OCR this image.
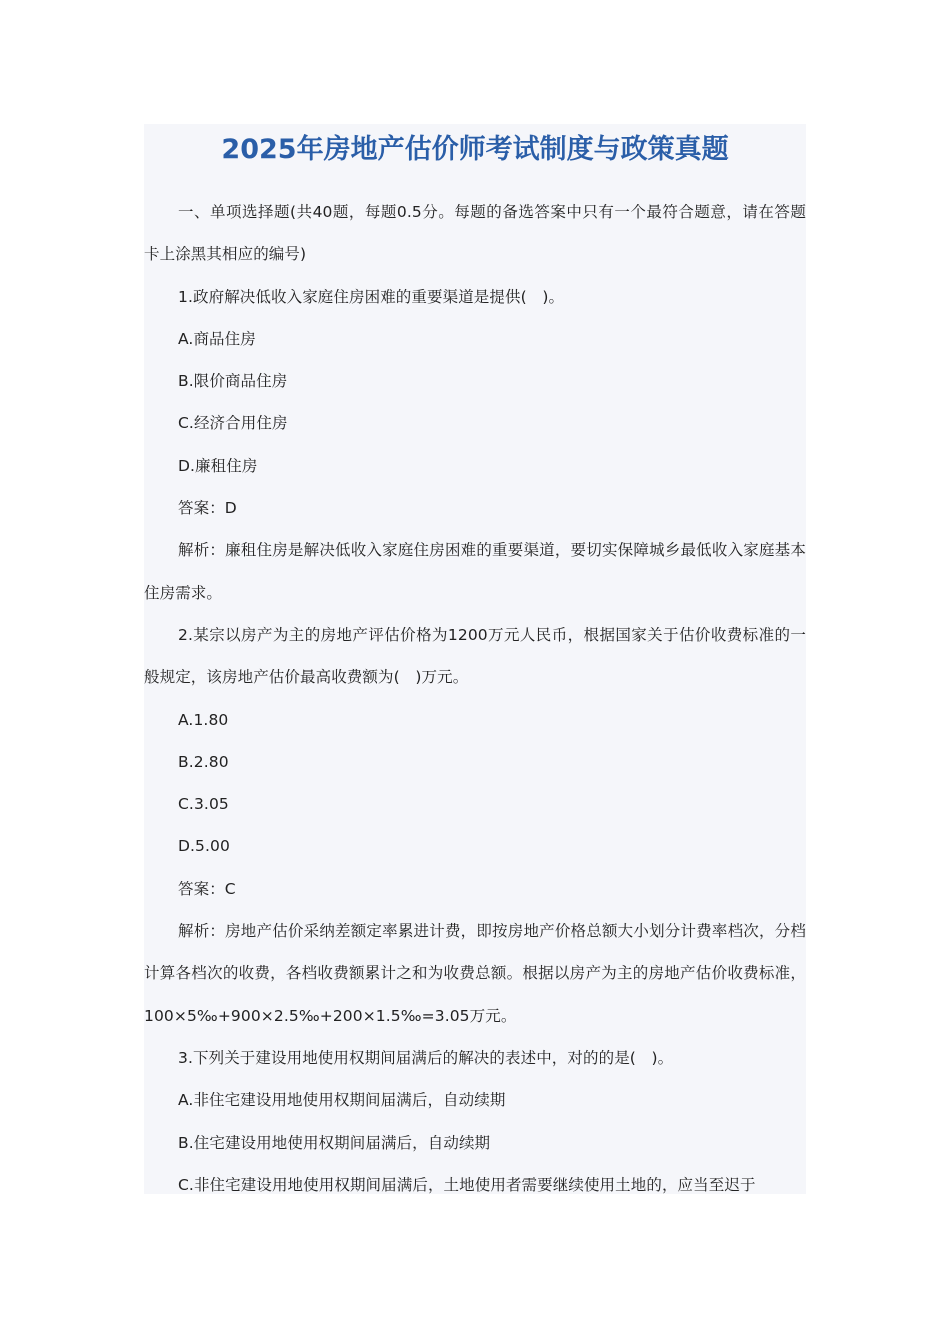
2025年房地产估价师考试制度与政策真题

一、单项选择题(共40题，每题0.5分。每题的备选答案中只有一个最符合题意，请在答题卡上涂黑其相应的编号)

1.政府解决低收入家庭住房困难的重要渠道是提供(　)。

A.商品住房

B.限价商品住房

C.经济合用住房

D.廉租住房

答案：D

解析：廉租住房是解决低收入家庭住房困难的重要渠道，要切实保障城乡最低收入家庭基本住房需求。

2.某宗以房产为主的房地产评估价格为1200万元人民币，根据国家关于估价收费标准的一般规定，该房地产估价最高收费额为(　)万元。

A.1.80

B.2.80

C.3.05

D.5.00

答案：C

解析：房地产估价采纳差额定率累进计费，即按房地产价格总额大小划分计费率档次，分档计算各档次的收费，各档收费额累计之和为收费总额。根据以房产为主的房地产估价收费标准，100×5‰+900×2.5‰+200×1.5‰=3.05万元。

3.下列关于建设用地使用权期间届满后的解决的表述中，对的的是(　)。

A.非住宅建设用地使用权期间届满后，自动续期

B.住宅建设用地使用权期间届满后，自动续期

C.非住宅建设用地使用权期间届满后，土地使用者需要继续使用土地的，应当至迟于
